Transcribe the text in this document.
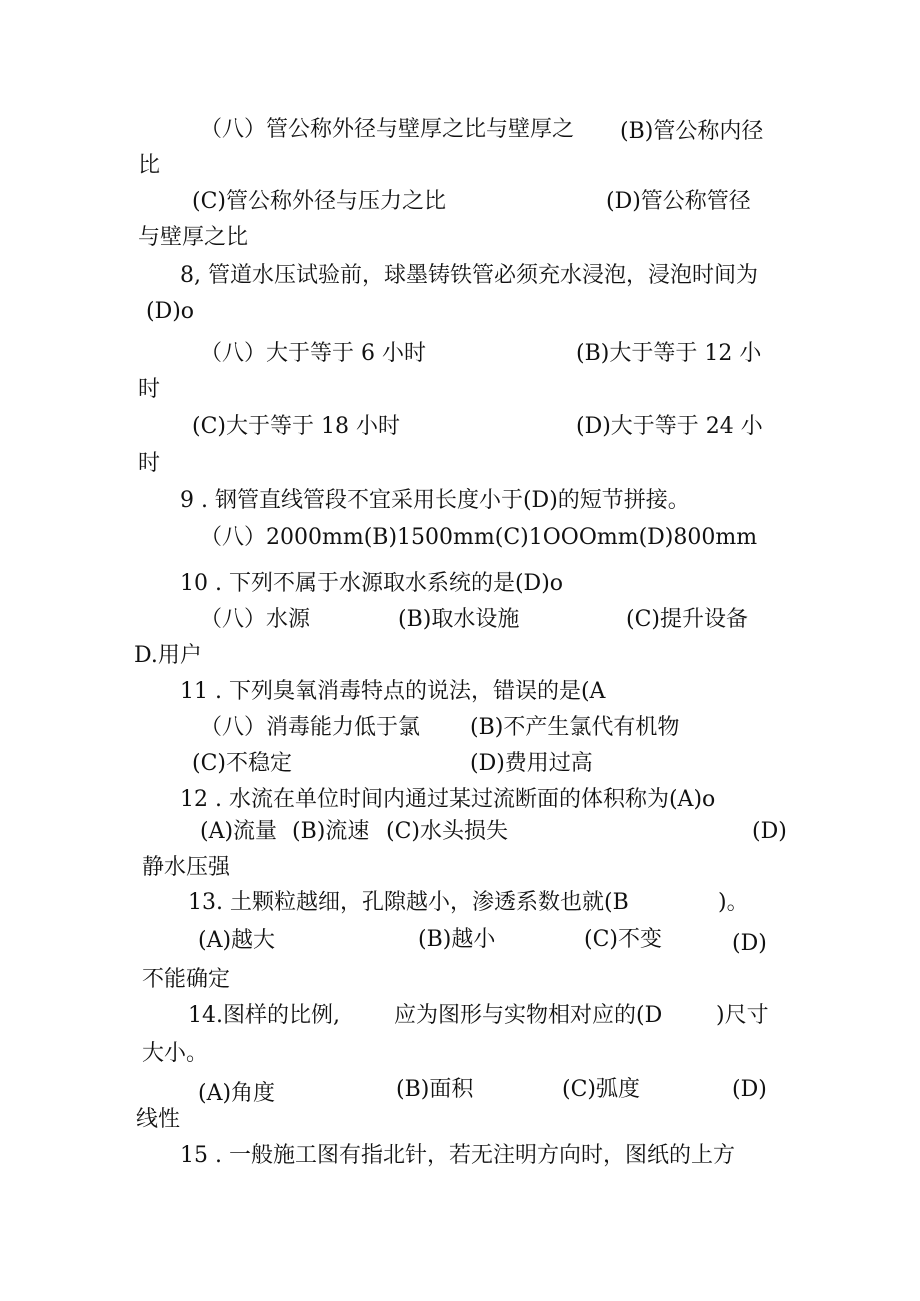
（八）管公称外径与壁厚之比与壁厚之 (B)管公称内径
比
(C)管公称外径与压力之比	(D)管公称管径
与壁厚之比
8, 管道水压试验前，球墨铸铁管必须充水浸泡，浸泡时间为
(D)o
（八）大于等于 6 小时	(B)大于等于 12 小
时
(C)大于等于 18 小时	(D)大于等于 24 小
时
9 . 钢管直线管段不宜采用长度小于(D)的短节拼接。
（八）2000mm(B)1500mm(C)1OOOmm(D)800mm
10 . 下列不属于水源取水系统的是(D)o
（八）水源	(B)取水设施	(C)提升设备
D.用户
11 . 下列臭氧消毒特点的说法，错误的是(A
（八）消毒能力低于氯 (B)不产生氯代有机物
(C)不稳定	(D)费用过高
12 . 水流在单位时间内通过某过流断面的体积称为(A)o
(A)流量 (B)流速 (C)水头损失	(D)
静水压强
13. 土颗粒越细，孔隙越小，渗透系数也就(B	)。
(A)越大	(B)越小	(C)不变	(D)
不能确定
14.图样的比例, 应为图形与实物相对应的(D )尺寸
大小。
(A)角度	(B)面积	(C)弧度	(D)
线性
15 . 一般施工图有指北针，若无注明方向时，图纸的上方
